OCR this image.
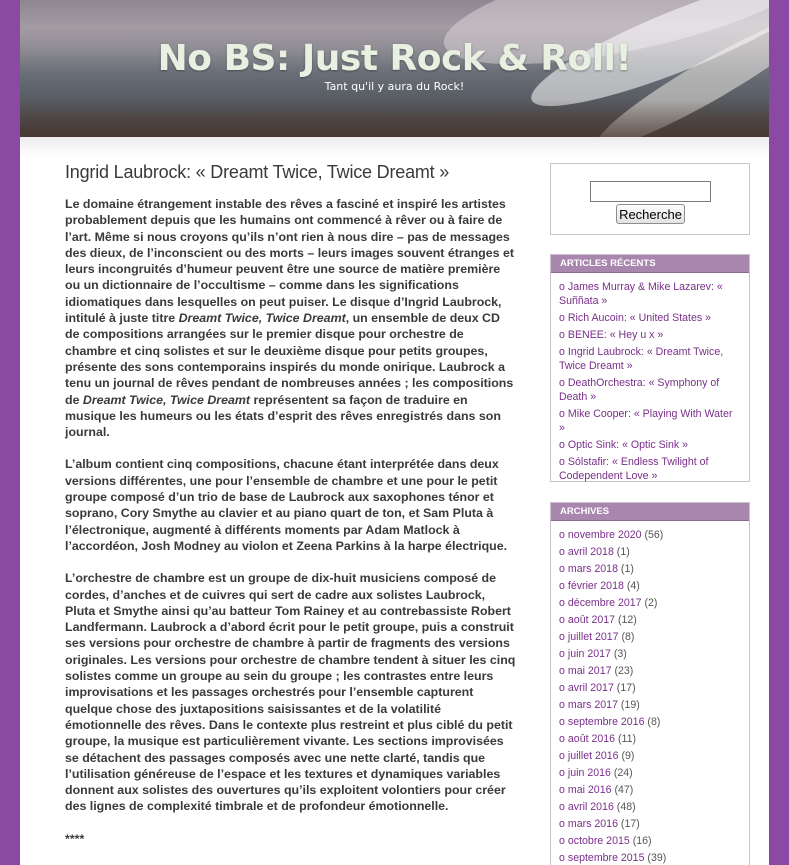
No BS: Just Rock & Roll!

Tant qu'il y aura du Rock!

Ingrid Laubrock: « Dreamt Twice, Twice Dreamt »

Le domaine étrangement instable des rêves a fasciné et inspiré les artistes probablement depuis que les humains ont commencé à rêver ou à faire de l’art. Même si nous croyons qu’ils n’ont rien à nous dire – pas de messages des dieux, de l’inconscient ou des morts – leurs images souvent étranges et leurs incongruités d’humeur peuvent être une source de matière première ou un dictionnaire de l’occultisme – comme dans les significations idiomatiques dans lesquelles on peut puiser. Le disque d’Ingrid Laubrock, intitulé à juste titre Dreamt Twice, Twice Dreamt, un ensemble de deux CD de compositions arrangées sur le premier disque pour orchestre de chambre et cinq solistes et sur le deuxième disque pour petits groupes, présente des sons contemporains inspirés du monde onirique. Laubrock a tenu un journal de rêves pendant de nombreuses années ; les compositions de Dreamt Twice, Twice Dreamt représentent sa façon de traduire en musique les humeurs ou les états d’esprit des rêves enregistrés dans son journal.

L’album contient cinq compositions, chacune étant interprétée dans deux versions différentes, une pour l’ensemble de chambre et une pour le petit groupe composé d’un trio de base de Laubrock aux saxophones ténor et soprano, Cory Smythe au clavier et au piano quart de ton, et Sam Pluta à l’électronique, augmenté à différents moments par Adam Matlock à l’accordéon, Josh Modney au violon et Zeena Parkins à la harpe électrique.

L’orchestre de chambre est un groupe de dix-huit musiciens composé de cordes, d’anches et de cuivres qui sert de cadre aux solistes Laubrock, Pluta et Smythe ainsi qu’au batteur Tom Rainey et au contrebassiste Robert Landfermann. Laubrock a d’abord écrit pour le petit groupe, puis a construit ses versions pour orchestre de chambre à partir de fragments des versions originales. Les versions pour orchestre de chambre tendent à situer les cinq solistes comme un groupe au sein du groupe ; les contrastes entre leurs improvisations et les passages orchestrés pour l’ensemble capturent quelque chose des juxtapositions saisissantes et de la volatilité émotionnelle des rêves. Dans le contexte plus restreint et plus ciblé du petit groupe, la musique est particulièrement vivante. Les sections improvisées se détachent des passages composés avec une nette clarté, tandis que l’utilisation généreuse de l’espace et les textures et dynamiques variables donnent aux solistes des ouvertures qu’ils exploitent volontiers pour créer des lignes de complexité timbrale et de profondeur émotionnelle.

****

Recherche
ARTICLES RÉCENTS
o James Murray & Mike Lazarev: « Suññata »
o Rich Aucoin: « United States »
o BENEE: « Hey u x »
o Ingrid Laubrock: « Dreamt Twice, Twice Dreamt »
o DeathOrchestra: « Symphony of Death »
o Mike Cooper: « Playing With Water »
o Optic Sink: « Optic Sink »
o Sólstafir: « Endless Twilight of Codependent Love »
ARCHIVES
o novembre 2020 (56)
o avril 2018 (1)
o mars 2018 (1)
o février 2018 (4)
o décembre 2017 (2)
o août 2017 (12)
o juillet 2017 (8)
o juin 2017 (3)
o mai 2017 (23)
o avril 2017 (17)
o mars 2017 (19)
o septembre 2016 (8)
o août 2016 (11)
o juillet 2016 (9)
o juin 2016 (24)
o mai 2016 (47)
o avril 2016 (48)
o mars 2016 (17)
o octobre 2015 (16)
o septembre 2015 (39)
